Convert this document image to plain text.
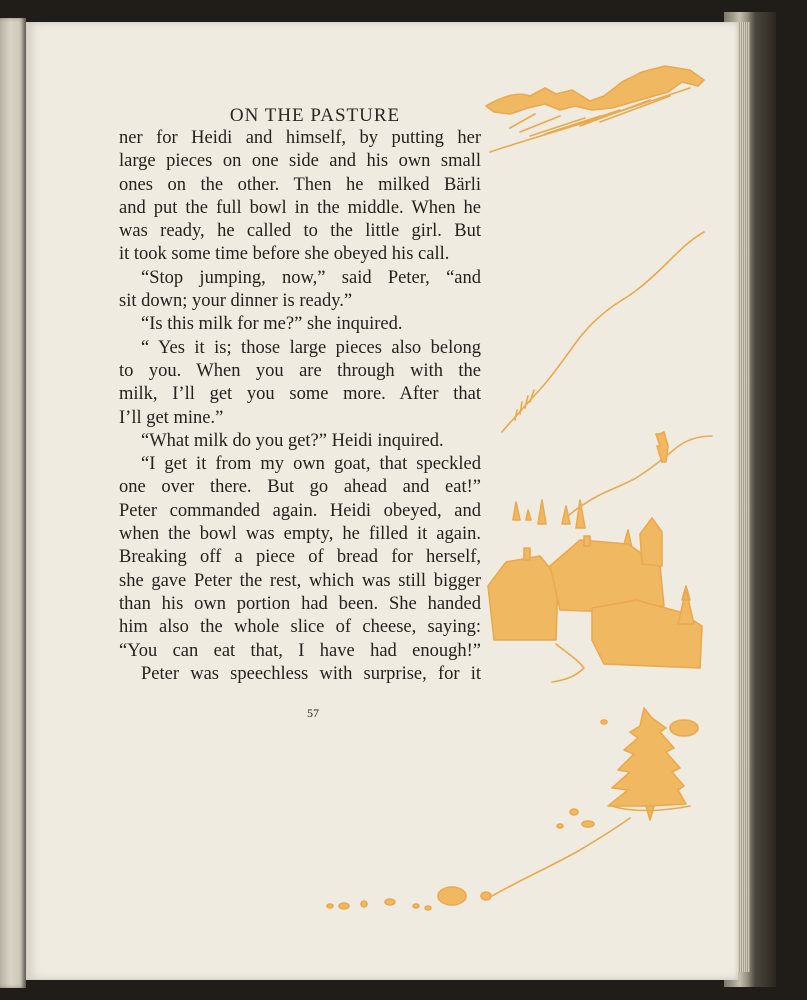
ON THE PASTURE
ner for Heidi and himself, by putting her
large pieces on one side and his own small
ones on the other. Then he milked Bärli
and put the full bowl in the middle. When he
was ready, he called to the little girl. But
it took some time before she obeyed his call.
“Stop jumping, now,” said Peter, “and
sit down; your dinner is ready.”
“Is this milk for me?” she inquired.
“ Yes it is; those large pieces also belong
to you. When you are through with the
milk, I’ll get you some more. After that
I’ll get mine.”
“What milk do you get?” Heidi inquired.
“I get it from my own goat, that speckled
one over there. But go ahead and eat!”
Peter commanded again. Heidi obeyed, and
when the bowl was empty, he filled it again.
Breaking off a piece of bread for herself,
she gave Peter the rest, which was still bigger
than his own portion had been. She handed
him also the whole slice of cheese, saying:
“You can eat that, I have had enough!”
Peter was speechless with surprise, for it
57
